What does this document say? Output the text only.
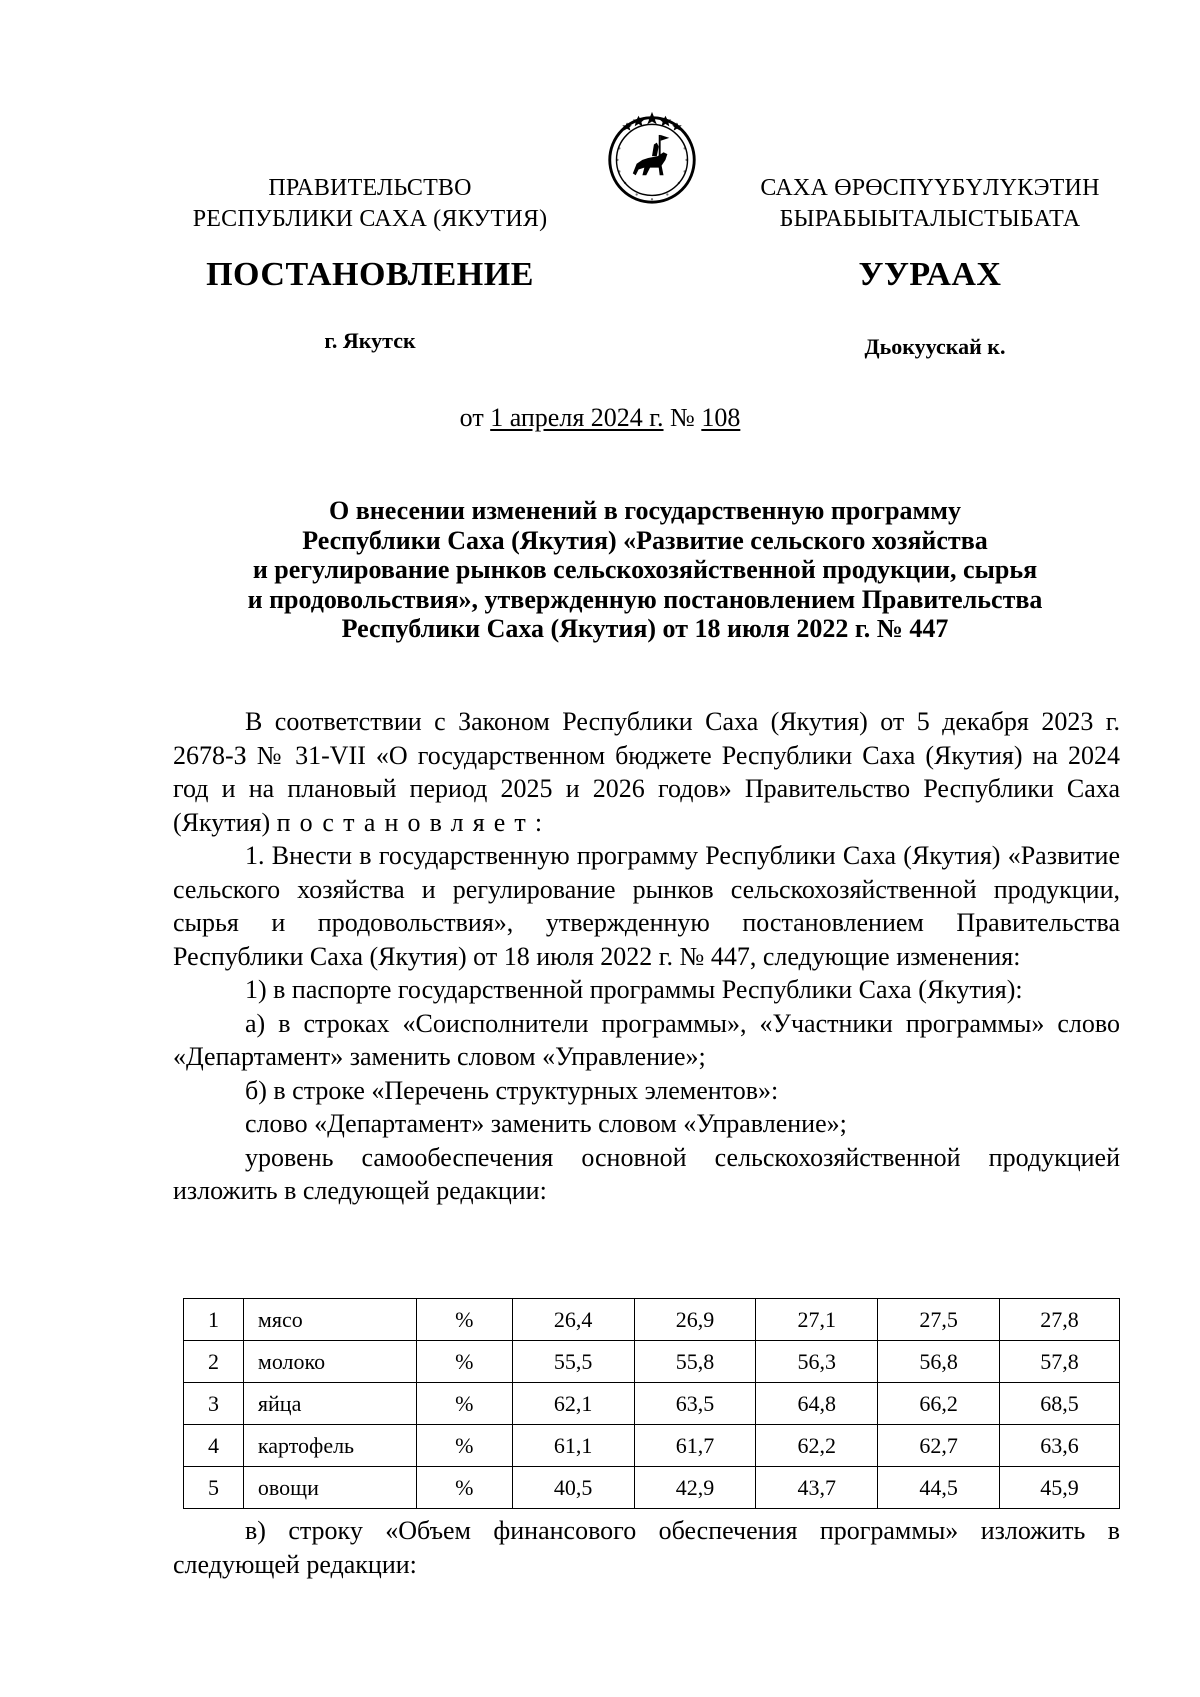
ПРАВИТЕЛЬСТВО
РЕСПУБЛИКИ САХА (ЯКУТИЯ)
САХА ӨРӨСПҮҮБҮЛҮКЭТИН
БЫРАБЫЫТАЛЫСТЫБАТА
ПОСТАНОВЛЕНИЕ	УУРААХ
г. Якутск	Дьокуускай к.
от 1 апреля 2024 г. № 108
О внесении изменений в государственную программу
Республики Саха (Якутия) «Развитие сельского хозяйства
и регулирование рынков сельскохозяйственной продукции, сырья
и продовольствия», утвержденную постановлением Правительства
Республики Саха (Якутия) от 18 июля 2022 г. № 447

В соответствии с Законом Республики Саха (Якутия) от 5 декабря 2023 г. 2678-З № 31-VII «О государственном бюджете Республики Саха (Якутия) на 2024 год и на плановый период 2025 и 2026 годов» Правительство Республики Саха (Якутия) постановляет:

1. Внести в государственную программу Республики Саха (Якутия) «Развитие сельского хозяйства и регулирование рынков сельскохозяйственной продукции, сырья и продовольствия», утвержденную постановлением Правительства Республики Саха (Якутия) от 18 июля 2022 г. № 447, следующие изменения:

1) в паспорте государственной программы Республики Саха (Якутия):

а) в строках «Соисполнители программы», «Участники программы» слово «Департамент» заменить словом «Управление»;

б) в строке «Перечень структурных элементов»:

слово «Департамент» заменить словом «Управление»;

уровень самообеспечения основной сельскохозяйственной продукцией изложить в следующей редакции:

1	мясо	%	26,4	26,9	27,1	27,5	27,8
2	молоко	%	55,5	55,8	56,3	56,8	57,8
3	яйца	%	62,1	63,5	64,8	66,2	68,5
4	картофель	%	61,1	61,7	62,2	62,7	63,6
5	овощи	%	40,5	42,9	43,7	44,5	45,9

в) строку «Объем финансового обеспечения программы» изложить в следующей редакции:
